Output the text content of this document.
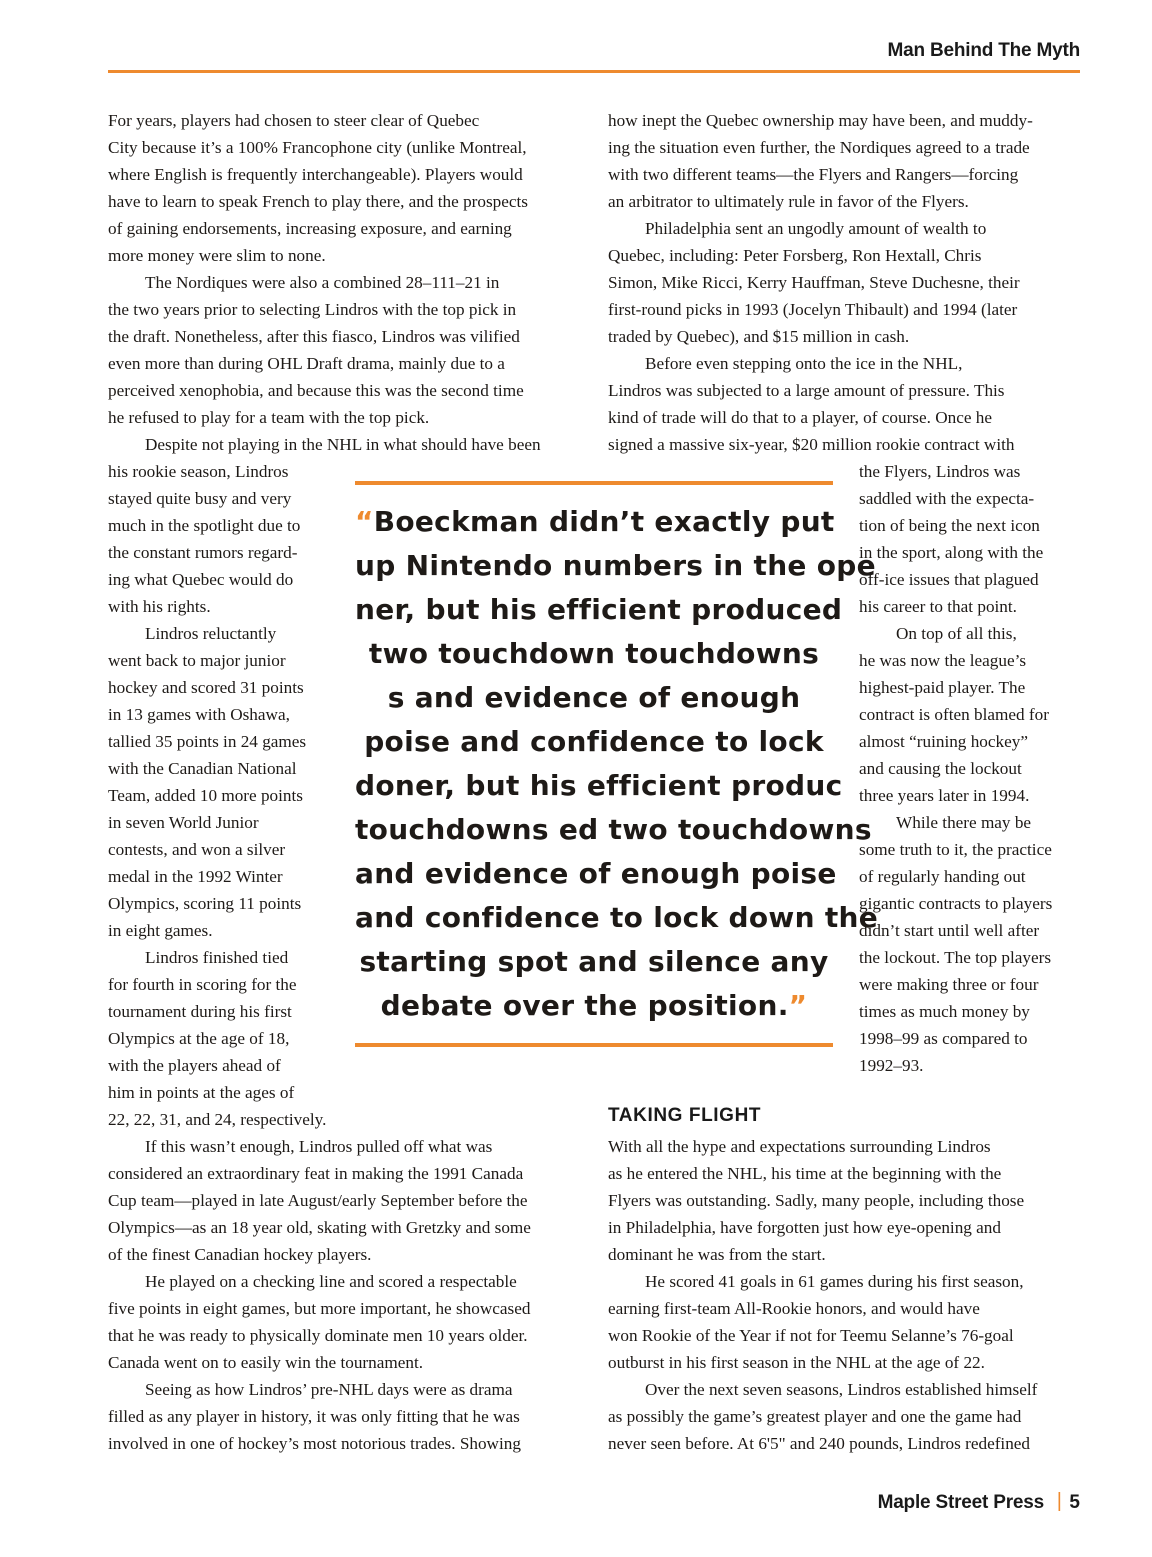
Man Behind The Myth
For years, players had chosen to steer clear of Quebec
City because it’s a 100% Francophone city (unlike Montreal,
where English is frequently interchangeable). Players would
have to learn to speak French to play there, and the prospects
of gaining endorsements, increasing exposure, and earning
more money were slim to none.
The Nordiques were also a combined 28–111–21 in
the two years prior to selecting Lindros with the top pick in
the draft. Nonetheless, after this fiasco, Lindros was vilified
even more than during OHL Draft drama, mainly due to a
perceived xenophobia, and because this was the second time
he refused to play for a team with the top pick.
Despite not playing in the NHL in what should have been
his rookie season, Lindros
stayed quite busy and very
much in the spotlight due to
the constant rumors regard-
ing what Quebec would do
with his rights.
Lindros reluctantly
went back to major junior
hockey and scored 31 points
in 13 games with Oshawa,
tallied 35 points in 24 games
with the Canadian National
Team, added 10 more points
in seven World Junior
contests, and won a silver
medal in the 1992 Winter
Olympics, scoring 11 points
in eight games.
Lindros finished tied
for fourth in scoring for the
tournament during his first
Olympics at the age of 18,
with the players ahead of
him in points at the ages of
22, 22, 31, and 24, respectively.
If this wasn’t enough, Lindros pulled off what was
considered an extraordinary feat in making the 1991 Canada
Cup team—played in late August/early September before the
Olympics—as an 18 year old, skating with Gretzky and some
of the finest Canadian hockey players.
He played on a checking line and scored a respectable
five points in eight games, but more important, he showcased
that he was ready to physically dominate men 10 years older.
Canada went on to easily win the tournament.
Seeing as how Lindros’ pre-NHL days were as drama
filled as any player in history, it was only fitting that he was
involved in one of hockey’s most notorious trades. Showing
how inept the Quebec ownership may have been, and muddy-
ing the situation even further, the Nordiques agreed to a trade
with two different teams—the Flyers and Rangers—forcing
an arbitrator to ultimately rule in favor of the Flyers.
Philadelphia sent an ungodly amount of wealth to
Quebec, including: Peter Forsberg, Ron Hextall, Chris
Simon, Mike Ricci, Kerry Hauffman, Steve Duchesne, their
first-round picks in 1993 (Jocelyn Thibault) and 1994 (later
traded by Quebec), and $15 million in cash.
Before even stepping onto the ice in the NHL,
Lindros was subjected to a large amount of pressure. This
kind of trade will do that to a player, of course. Once he
signed a massive six-year, $20 million rookie contract with
the Flyers, Lindros was
saddled with the expecta-
tion of being the next icon
in the sport, along with the
off-ice issues that plagued
his career to that point.
On top of all this,
he was now the league’s
highest-paid player. The
contract is often blamed for
almost “ruining hockey”
and causing the lockout
three years later in 1994.
While there may be
some truth to it, the practice
of regularly handing out
gigantic contracts to players
didn’t start until well after
the lockout. The top players
were making three or four
times as much money by
1998–99 as compared to
1992–93.
With all the hype and expectations surrounding Lindros
as he entered the NHL, his time at the beginning with the
Flyers was outstanding. Sadly, many people, including those
in Philadelphia, have forgotten just how eye-opening and
dominant he was from the start.
He scored 41 goals in 61 games during his first season,
earning first-team All-Rookie honors, and would have
won Rookie of the Year if not for Teemu Selanne’s 76-goal
outburst in his first season in the NHL at the age of 22.
Over the next seven seasons, Lindros established himself
as possibly the game’s greatest player and one the game had
never seen before. At 6'5" and 240 pounds, Lindros redefined
“Boeckman didn’t exactly put
up Nintendo numbers in the ope
ner, but his efficient produced
two touchdown touchdowns
s and evidence of enough
poise and confidence to lock
doner, but his efficient produc
touchdowns ed two touchdowns
and evidence of enough poise
and confidence to lock down the
starting spot and silence any
debate over the position.”
TAKING FLIGHT
Maple Street Press | 5
